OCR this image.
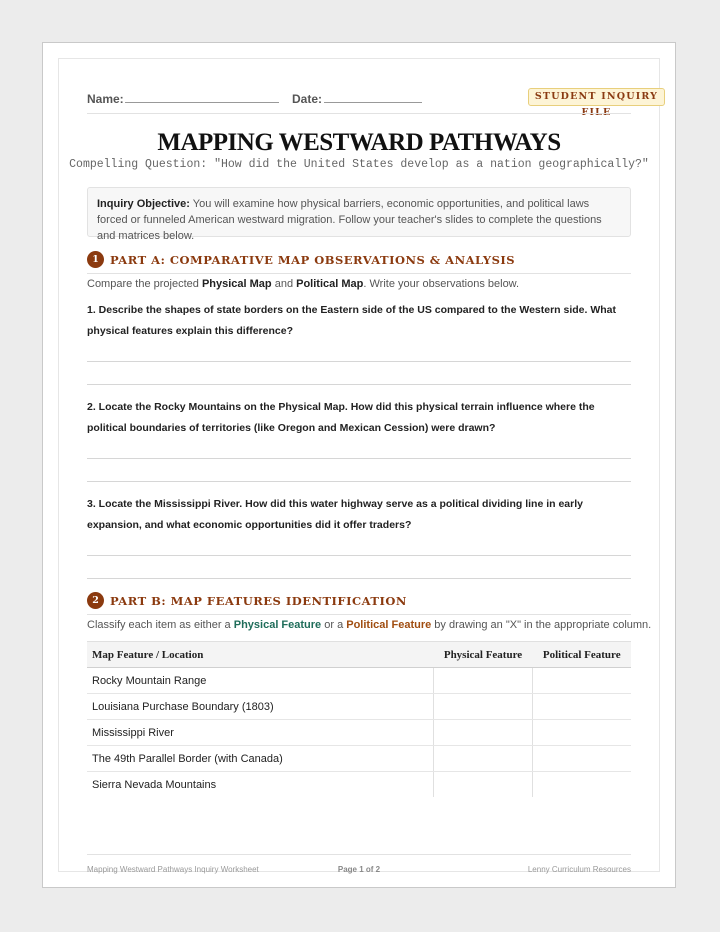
Name:	Date:	STUDENT INQUIRY FILE
MAPPING WESTWARD PATHWAYS
Compelling Question: "How did the United States develop as a nation geographically?"
Inquiry Objective: You will examine how physical barriers, economic opportunities, and political laws forced or funneled American westward migration. Follow your teacher's slides to complete the questions and matrices below.
1 PART A: COMPARATIVE MAP OBSERVATIONS & ANALYSIS
Compare the projected Physical Map and Political Map. Write your observations below.
1. Describe the shapes of state borders on the Eastern side of the US compared to the Western side. What physical features explain this difference?
2. Locate the Rocky Mountains on the Physical Map. How did this physical terrain influence where the political boundaries of territories (like Oregon and Mexican Cession) were drawn?
3. Locate the Mississippi River. How did this water highway serve as a political dividing line in early expansion, and what economic opportunities did it offer traders?
2 PART B: MAP FEATURES IDENTIFICATION
Classify each item as either a Physical Feature or a Political Feature by drawing an "X" in the appropriate column.
Map Feature / Location	Physical Feature	Political Feature
Rocky Mountain Range		
Louisiana Purchase Boundary (1803)		
Mississippi River		
The 49th Parallel Border (with Canada)		
Sierra Nevada Mountains		
Mapping Westward Pathways Inquiry Worksheet	Page 1 of 2	Lenny Curriculum Resources
